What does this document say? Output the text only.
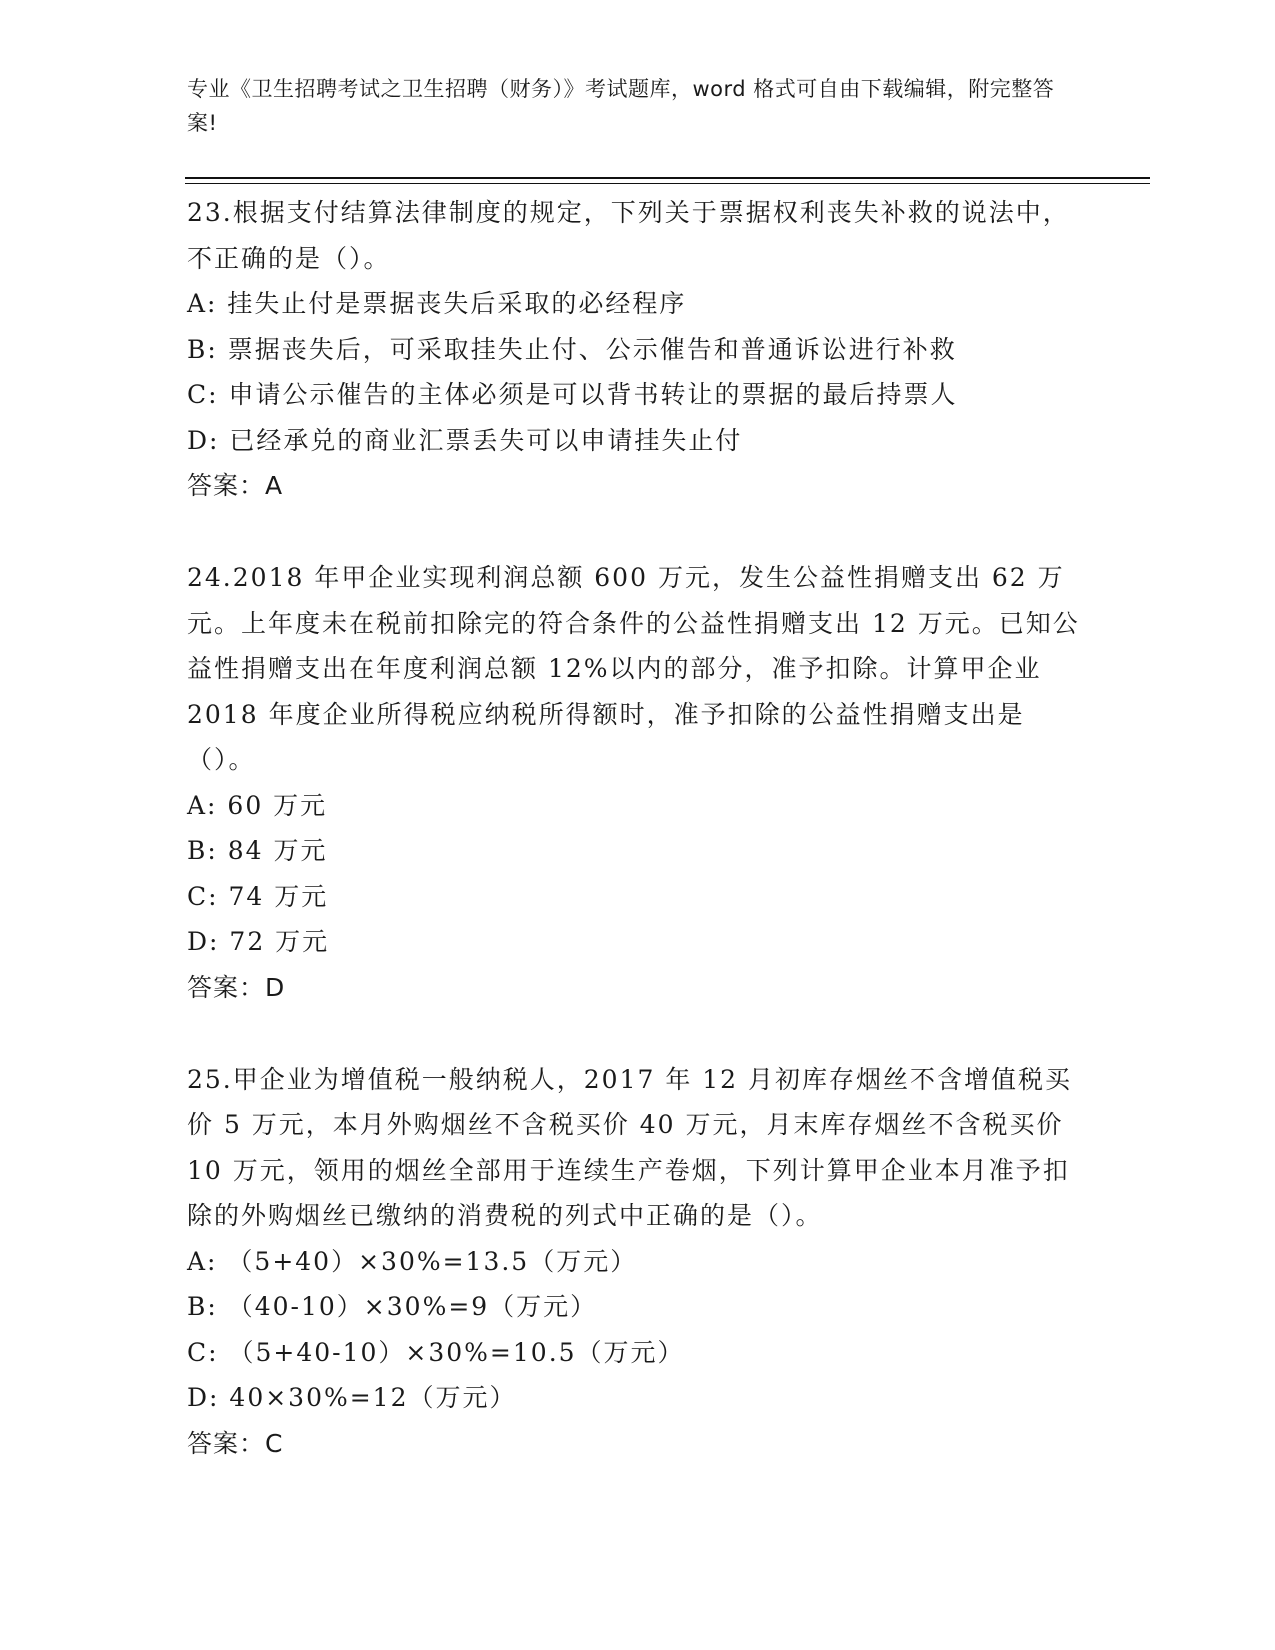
专业《卫生招聘考试之卫生招聘（财务）》考试题库，word 格式可自由下载编辑，附完整答案!

23.根据支付结算法律制度的规定，下列关于票据权利丧失补救的说法中，不正确的是（）。

A: 挂失止付是票据丧失后采取的必经程序

B: 票据丧失后，可采取挂失止付、公示催告和普通诉讼进行补救

C: 申请公示催告的主体必须是可以背书转让的票据的最后持票人

D: 已经承兑的商业汇票丢失可以申请挂失止付

答案：A

24.2018 年甲企业实现利润总额 600 万元，发生公益性捐赠支出 62 万元。上年度未在税前扣除完的符合条件的公益性捐赠支出 12 万元。已知公益性捐赠支出在年度利润总额 12%以内的部分，准予扣除。计算甲企业 2018 年度企业所得税应纳税所得额时，准予扣除的公益性捐赠支出是（）。

A: 60 万元

B: 84 万元

C: 74 万元

D: 72 万元

答案：D

25.甲企业为增值税一般纳税人，2017 年 12 月初库存烟丝不含增值税买价 5 万元，本月外购烟丝不含税买价 40 万元，月末库存烟丝不含税买价 10 万元，领用的烟丝全部用于连续生产卷烟，下列计算甲企业本月准予扣除的外购烟丝已缴纳的消费税的列式中正确的是（）。

A: （5+40）×30%=13.5（万元）

B: （40-10）×30%=9（万元）

C: （5+40-10）×30%=10.5（万元）

D: 40×30%=12（万元）

答案：C
